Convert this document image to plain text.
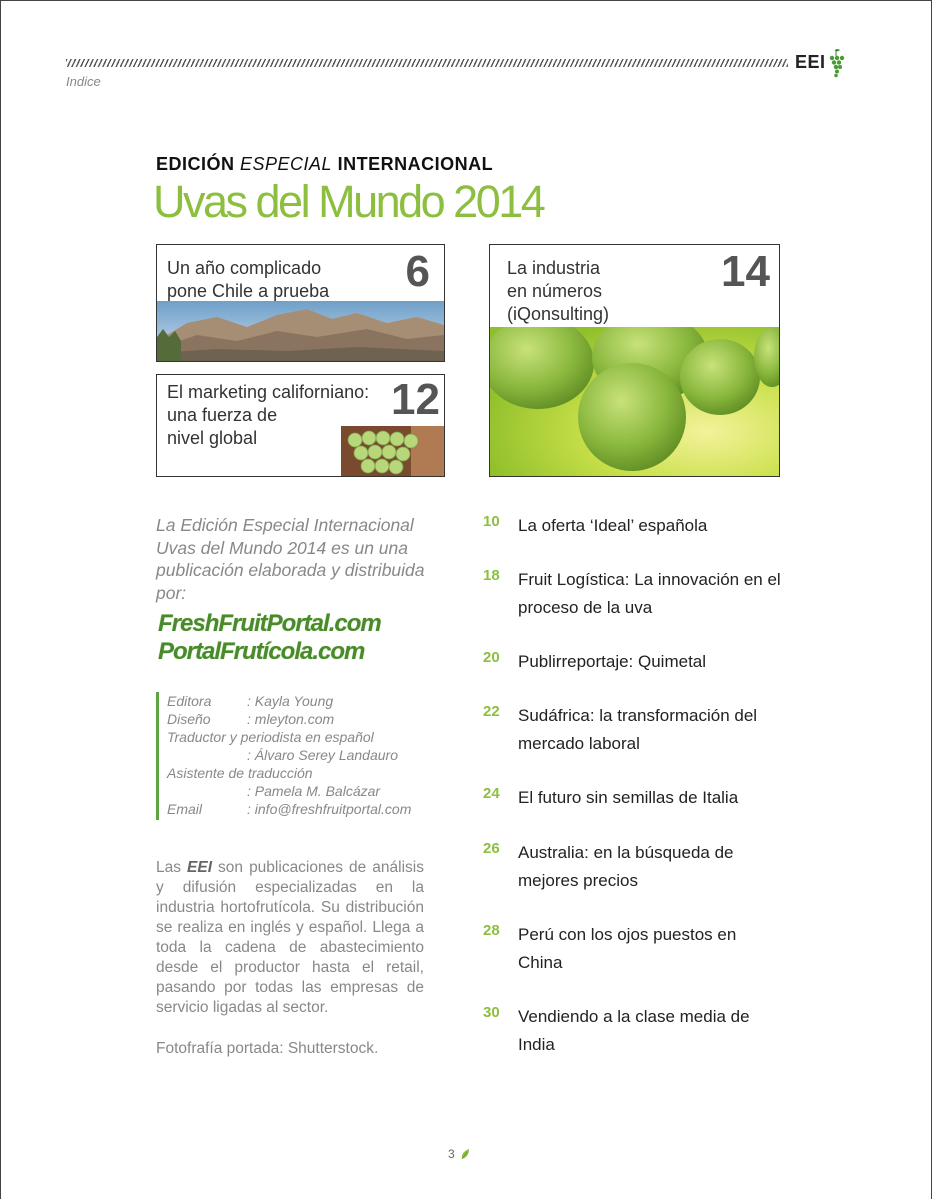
EEI
Indice
EDICIÓN ESPECIAL INTERNACIONAL
Uvas del Mundo 2014
Un año complicado
pone Chile a prueba 6
El marketing californiano:
una fuerza de
nivel global
12
La industria
en números
(iQonsulting)
14
La Edición Especial Internacional Uvas del Mundo 2014 es un una publicación elaborada y distribuida por:
FreshFruitPortal.com
PortalFrutícola.com
Editora	: Kayla Young
Diseño	: mleyton.com
Traductor y periodista en español
: Álvaro Serey Landauro
Asistente de traducción
: Pamela M. Balcázar
Email	: info@freshfruitportal.com
Las EEI son publicaciones de análisis y difusión especializadas en la industria hortofrutícola. Su distribución se realiza en inglés y español. Llega a toda la cadena de abastecimiento desde el productor hasta el retail, pasando por todas las empresas de servicio ligadas al sector.
Fotofrafía portada: Shutterstock.
10 La oferta ‘Ideal’ española
18 Fruit Logística: La innovación en el proceso de la uva
20 Publirreportaje: Quimetal
22 Sudáfrica: la transformación del mercado laboral
24 El futuro sin semillas de Italia
26 Australia: en la búsqueda de mejores precios
28 Perú con los ojos puestos en China
30 Vendiendo a la clase media de India
3
